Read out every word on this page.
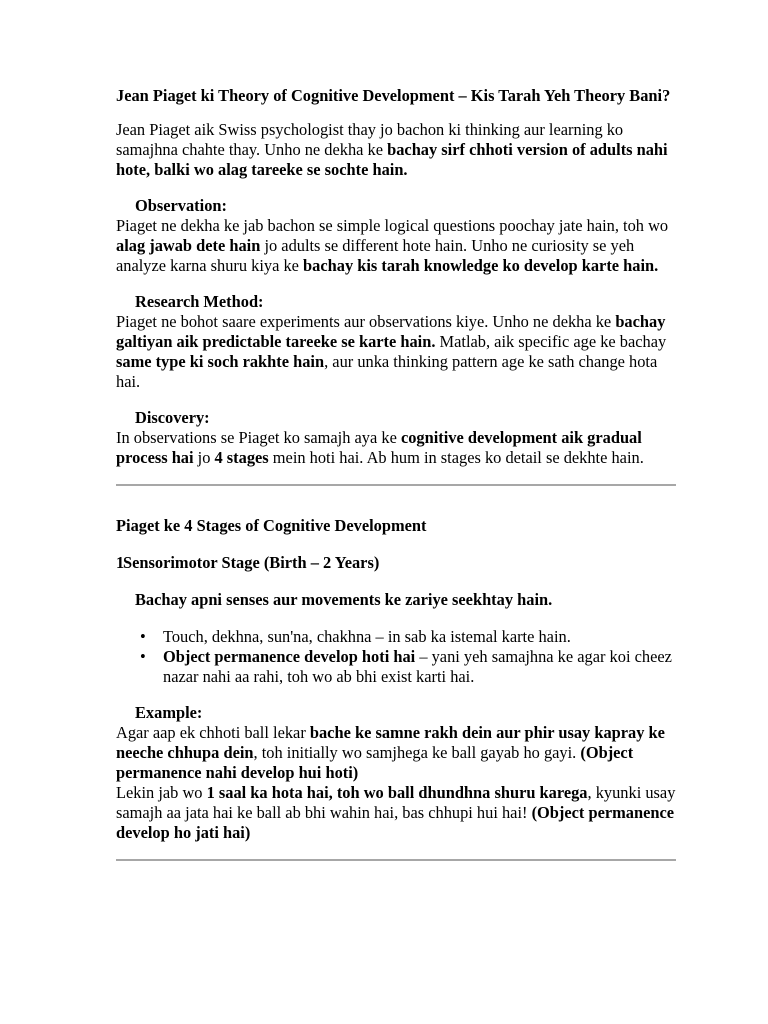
Jean Piaget ki Theory of Cognitive Development – Kis Tarah Yeh Theory Bani?

Jean Piaget aik Swiss psychologist thay jo bachon ki thinking aur learning ko samajhna chahte thay. Unho ne dekha ke bachay sirf chhoti version of adults nahi hote, balki wo alag tareeke se sochte hain.

Observation:

Piaget ne dekha ke jab bachon se simple logical questions poochay jate hain, toh wo alag jawab dete hain jo adults se different hote hain. Unho ne curiosity se yeh analyze karna shuru kiya ke bachay kis tarah knowledge ko develop karte hain.

Research Method:

Piaget ne bohot saare experiments aur observations kiye. Unho ne dekha ke bachay galtiyan aik predictable tareeke se karte hain. Matlab, aik specific age ke bachay same type ki soch rakhte hain, aur unka thinking pattern age ke sath change hota hai.

Discovery:

In observations se Piaget ko samajh aya ke cognitive development aik gradual process hai jo 4 stages mein hoti hai. Ab hum in stages ko detail se dekhte hain.

Piaget ke 4 Stages of Cognitive Development

1
Sensorimotor Stage (Birth – 2 Years)

Bachay apni senses aur movements ke zariye seekhtay hain.

• Touch, dekhna, sun'na, chakhna – in sab ka istemal karte hain.
• Object permanence develop hoti hai – yani yeh samajhna ke agar koi cheez nazar nahi aa rahi, toh wo ab bhi exist karti hai.

Example:

Agar aap ek chhoti ball lekar bache ke samne rakh dein aur phir usay kapray ke neeche chhupa dein, toh initially wo samjhega ke ball gayab ho gayi. (Object permanence nahi develop hui hoti)

Lekin jab wo 1 saal ka hota hai, toh wo ball dhundhna shuru karega, kyunki usay samajh aa jata hai ke ball ab bhi wahin hai, bas chhupi hui hai! (Object permanence develop ho jati hai)
